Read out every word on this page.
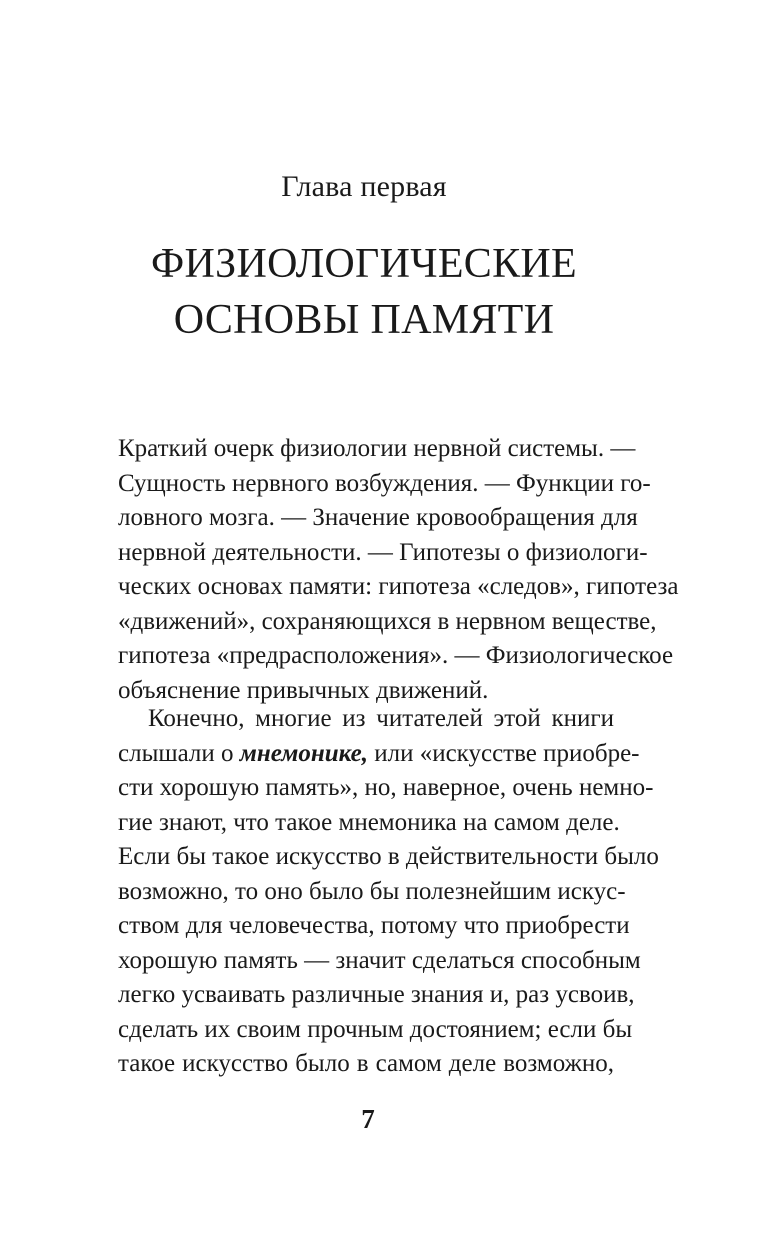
Глава первая
ФИЗИОЛОГИЧЕСКИЕ
ОСНОВЫ ПАМЯТИ
Краткий очерк физиологии нервной системы. —
Сущность нервного возбуждения. — Функции го-
ловного мозга. — Значение кровообращения для
нервной деятельности. — Гипотезы о физиологи-
ческих основах памяти: гипотеза «следов», гипотеза
«движений», сохраняющихся в нервном веществе,
гипотеза «предрасположения». — Физиологическое
объяснение привычных движений.
Конечно, многие из читателей этой книги
слышали о мнемонике, или «искусстве приобре-
сти хорошую память», но, наверное, очень немно-
гие знают, что такое мнемоника на самом деле.
Если бы такое искусство в действительности было
возможно, то оно было бы полезнейшим искус-
ством для человечества, потому что приобрести
хорошую память — значит сделаться способным
легко усваивать различные знания и, раз усвоив,
сделать их своим прочным достоянием; если бы
такое искусство было в самом деле возможно,
7
